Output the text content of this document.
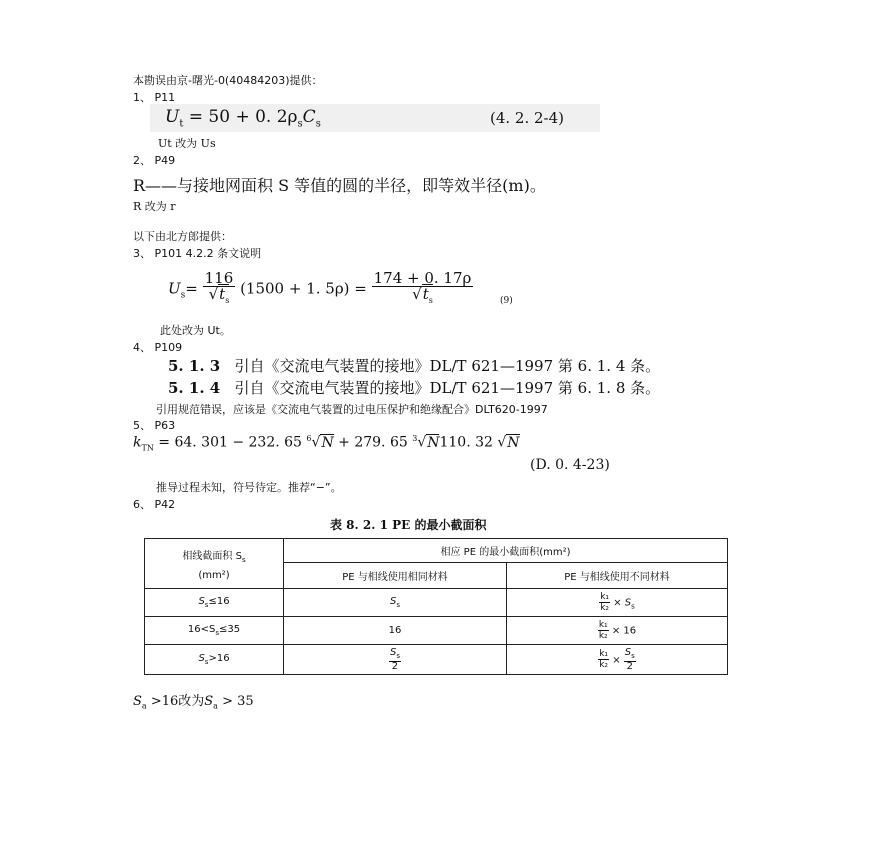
本勘误由京-曙光-0(40484203)提供：
1、 P11
$U_t = 50 + 0$. $2\rho_sC_s$	(4. 2. 2-4)
Ut 改为 Us
2、 P49
R——与接地网面积 S 等值的圆的半径，即等效半径(m)。
R 改为 r
以下由北方郎提供：
3、 P101 4.2.2 条文说明
$U_s= \frac{116}{√t_s} (1500 + 1$. $5\rho) = \frac{174 + 0. 17\rho}{√t_s}$	(9)
此处改为 Ut。
4、 P109
5. 1. 3 引自《交流电气装置的接地》DL/T 621—1997 第 6. 1. 4 条。
5. 1. 4 引自《交流电气装置的接地》DL/T 621—1997 第 6. 1. 8 条。
引用规范错误，应该是《交流电气装置的过电压保护和绝缘配合》DLT620-1997
5、 P63
$k_{TN} = 64$. 301 − 232. 65 $^6$√N + 279. 65 $^3$√N110. 32 √N
(D. 0. 4-23)
推导过程未知，符号待定。推荐“−”。
6、 P42
表 8. 2. 1 PE 的最小截面积
相线截面积 $S_s$
(mm²)	相应 PE 的最小截面积(mm²)	
	PE 与相线使用相同材料	PE 与相线使用不同材料
$S_s\le 16$	$S_s$	$\frac{\text{k₁}}{\text{k₂}} \times S_s$
$16<S_s\le 35$	16	$\frac{\text{k₁}}{\text{k₂}} \times 16$
$S_s>16$	$\frac{S_s}{2}$	$\frac{\text{k₁}}{\text{k₂}} \times \frac{S_s}{2}$
$S_a >16$改为$S_a > 35$
